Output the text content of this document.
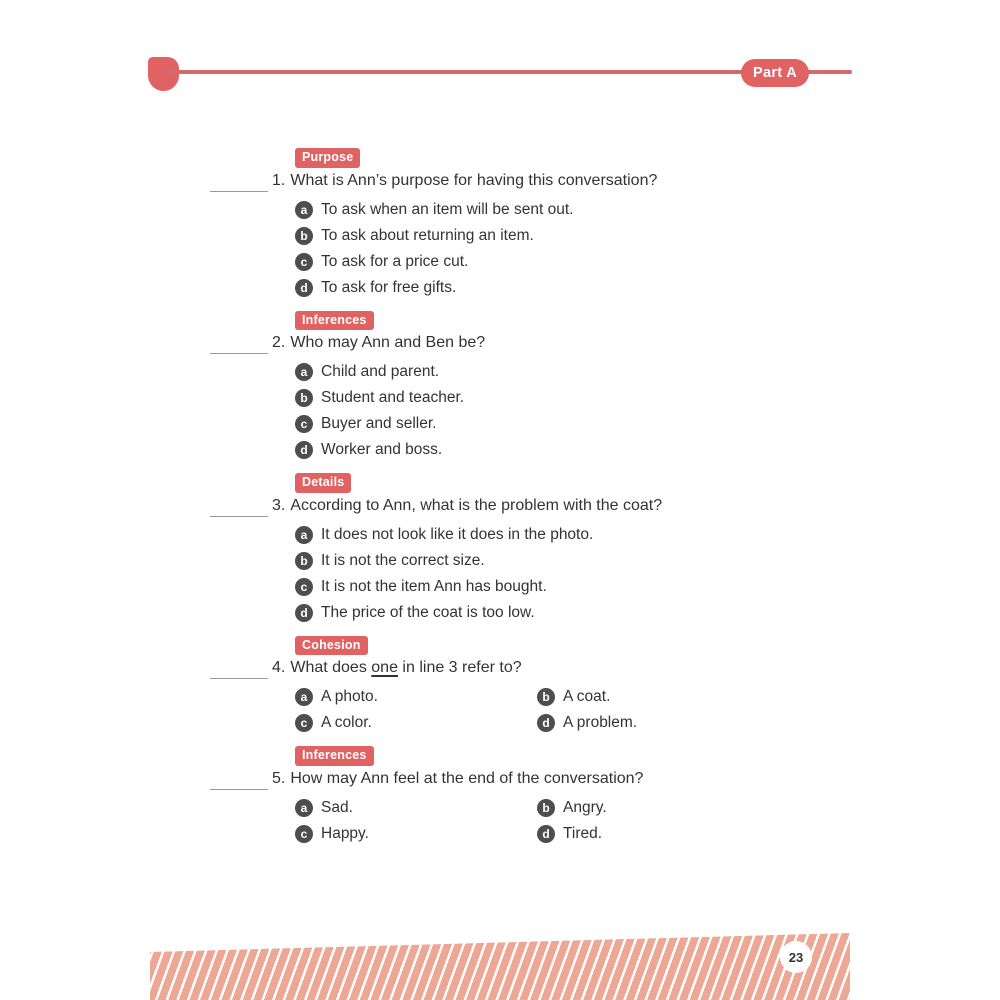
Part A
Purpose
1. What is Ann’s purpose for having this conversation?
a To ask when an item will be sent out.
b To ask about returning an item.
c To ask for a price cut.
d To ask for free gifts.
Inferences
2. Who may Ann and Ben be?
a Child and parent.
b Student and teacher.
c Buyer and seller.
d Worker and boss.
Details
3. According to Ann, what is the problem with the coat?
a It does not look like it does in the photo.
b It is not the correct size.
c It is not the item Ann has bought.
d The price of the coat is too low.
Cohesion
4. What does one in line 3 refer to?
a A photo.	b A coat.
c A color.	d A problem.
Inferences
5. How may Ann feel at the end of the conversation?
a Sad.	b Angry.
c Happy.	d Tired.
23
